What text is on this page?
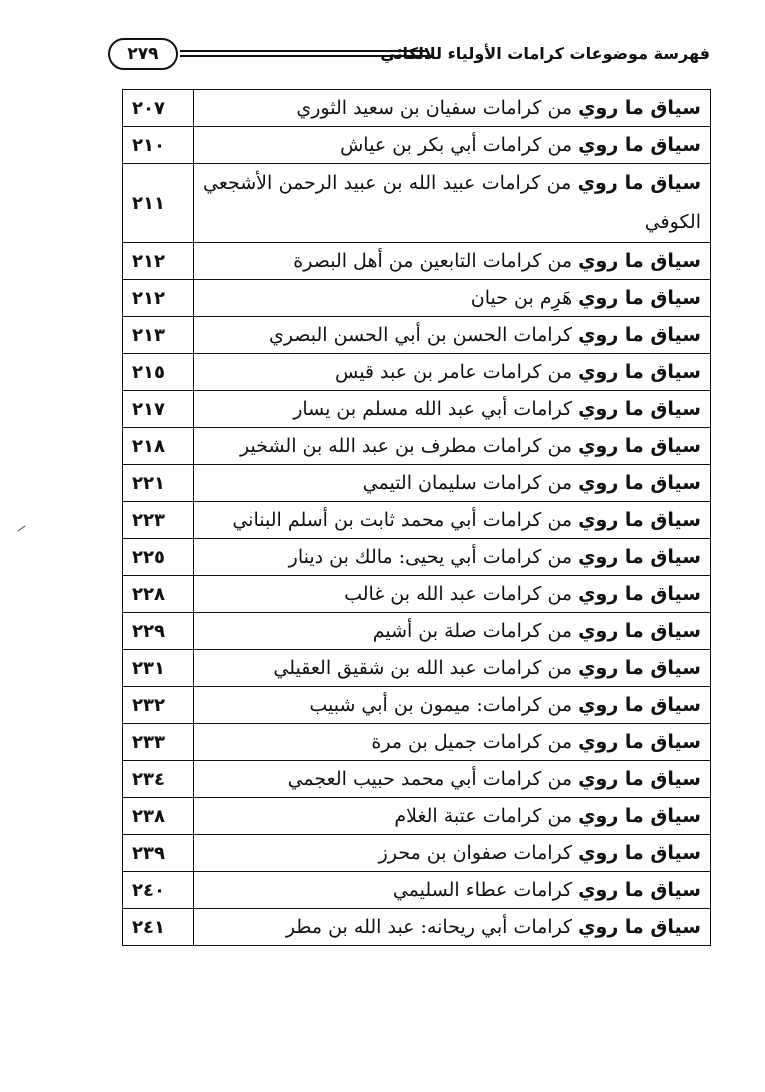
فهرسة موضوعات كرامات الأولياء للالكائي
٢٧٩
سياق ما روي من كرامات سفيان بن سعيد الثوري	٢٠٧
سياق ما روي من كرامات أبي بكر بن عياش	٢١٠
سياق ما روي من كرامات عبيد الله بن عبيد الرحمن الأشجعي الكوفي	٢١١
سياق ما روي من كرامات التابعين من أهل البصرة	٢١٢
سياق ما روي هَرِم بن حيان	٢١٢
سياق ما روي كرامات الحسن بن أبي الحسن البصري	٢١٣
سياق ما روي من كرامات عامر بن عبد قيس	٢١٥
سياق ما روي كرامات أبي عبد الله مسلم بن يسار	٢١٧
سياق ما روي من كرامات مطرف بن عبد الله بن الشخير	٢١٨
سياق ما روي من كرامات سليمان التيمي	٢٢١
سياق ما روي من كرامات أبي محمد ثابت بن أسلم البناني	٢٢٣
سياق ما روي من كرامات أبي يحيى: مالك بن دينار	٢٢٥
سياق ما روي من كرامات عبد الله بن غالب	٢٢٨
سياق ما روي من كرامات صلة بن أشيم	٢٢٩
سياق ما روي من كرامات عبد الله بن شقيق العقيلي	٢٣١
سياق ما روي من كرامات: ميمون بن أبي شبيب	٢٣٢
سياق ما روي من كرامات جميل بن مرة	٢٣٣
سياق ما روي من كرامات أبي محمد حبيب العجمي	٢٣٤
سياق ما روي من كرامات عتبة الغلام	٢٣٨
سياق ما روي كرامات صفوان بن محرز	٢٣٩
سياق ما روي كرامات عطاء السليمي	٢٤٠
سياق ما روي كرامات أبي ريحانه: عبد الله بن مطر	٢٤١
